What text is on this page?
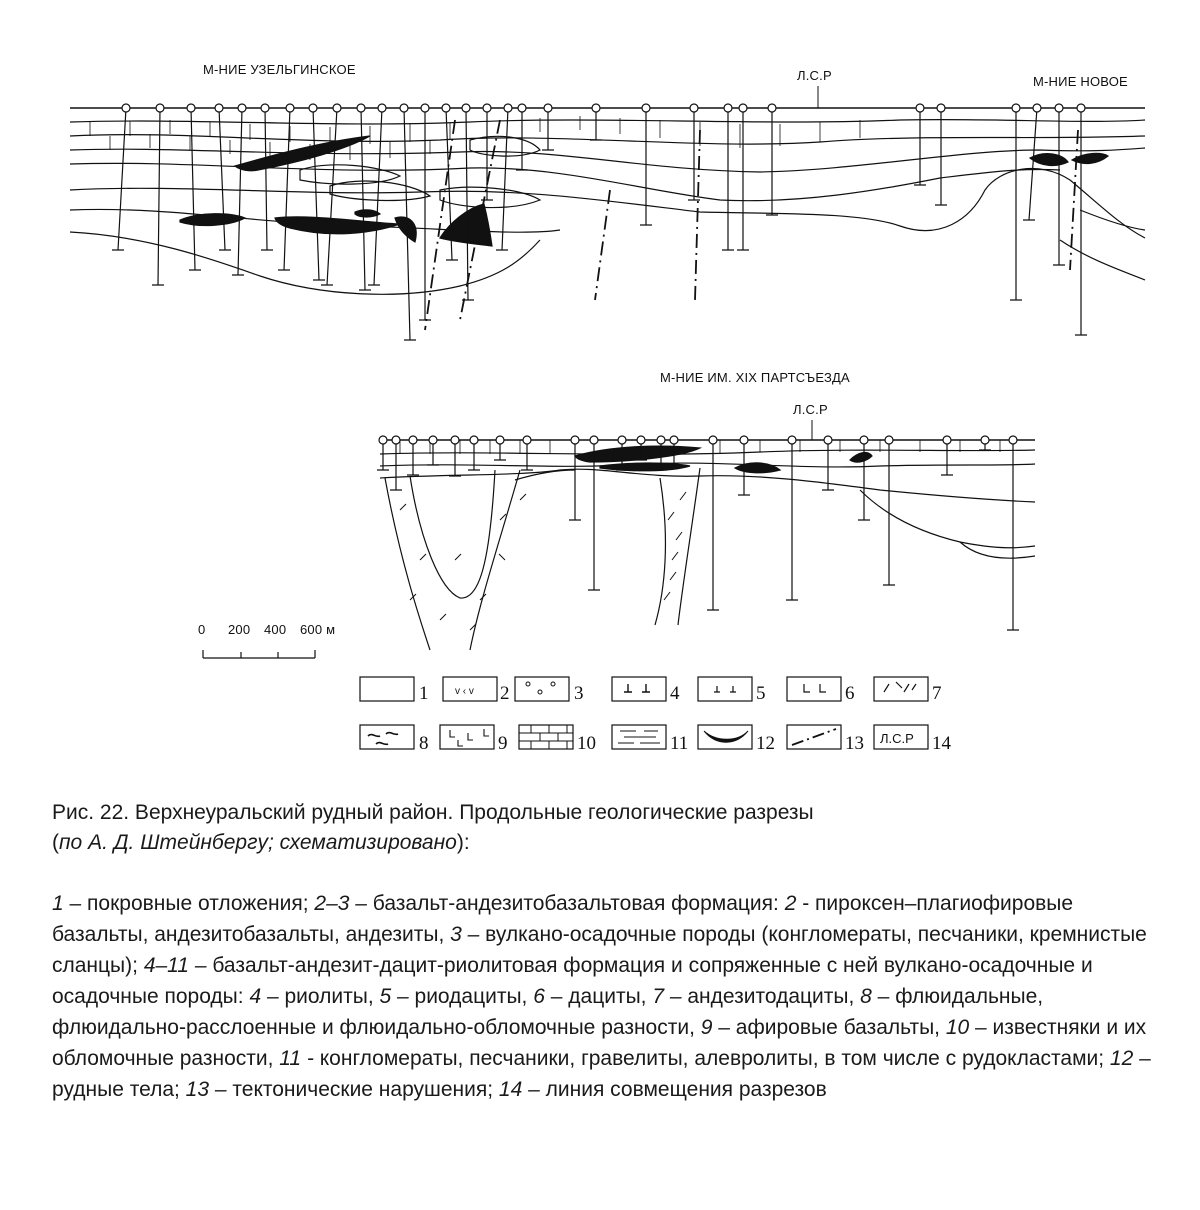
М-НИЕ УЗЕЛЬГИНСКОЕ	Л.С.Р	М-НИЕ НОВОЕ
М-НИЕ ИМ. XIX ПАРТСЪЕЗДА
Л.С.Р
0 200 400 600 м
1	v ‹ v 2	3	4	5	6	7
8	9	10	11	12	13 Л.С.Р 14

Рис. 22. Верхнеуральский рудный район. Продольные геологические разрезы
(по А. Д. Штейнбергу; схематизировано):

1 – покровные отложения; 2–3 – базальт-андезитобазальтовая формация: 2 - пироксен–плагиофировые базальты, андезитобазальты, андезиты, 3 – вулкано-осадочные породы (конгломераты, песчаники, кремнистые сланцы); 4–11 – базальт-андезит-дацит-риолитовая формация и сопряженные с ней вулкано-осадочные и осадочные породы: 4 – риолиты, 5 – риодациты, 6 – дациты, 7 – андезитодациты, 8 – флюидальные, флюидально-расслоенные и флюидально-обломочные разности, 9 – афировые базальты, 10 – известняки и их обломочные разности, 11 - конгломераты, песчаники, гравелиты, алевролиты, в том числе с рудокластами; 12 – рудные тела; 13 – тектонические нарушения; 14 – линия совмещения разрезов
